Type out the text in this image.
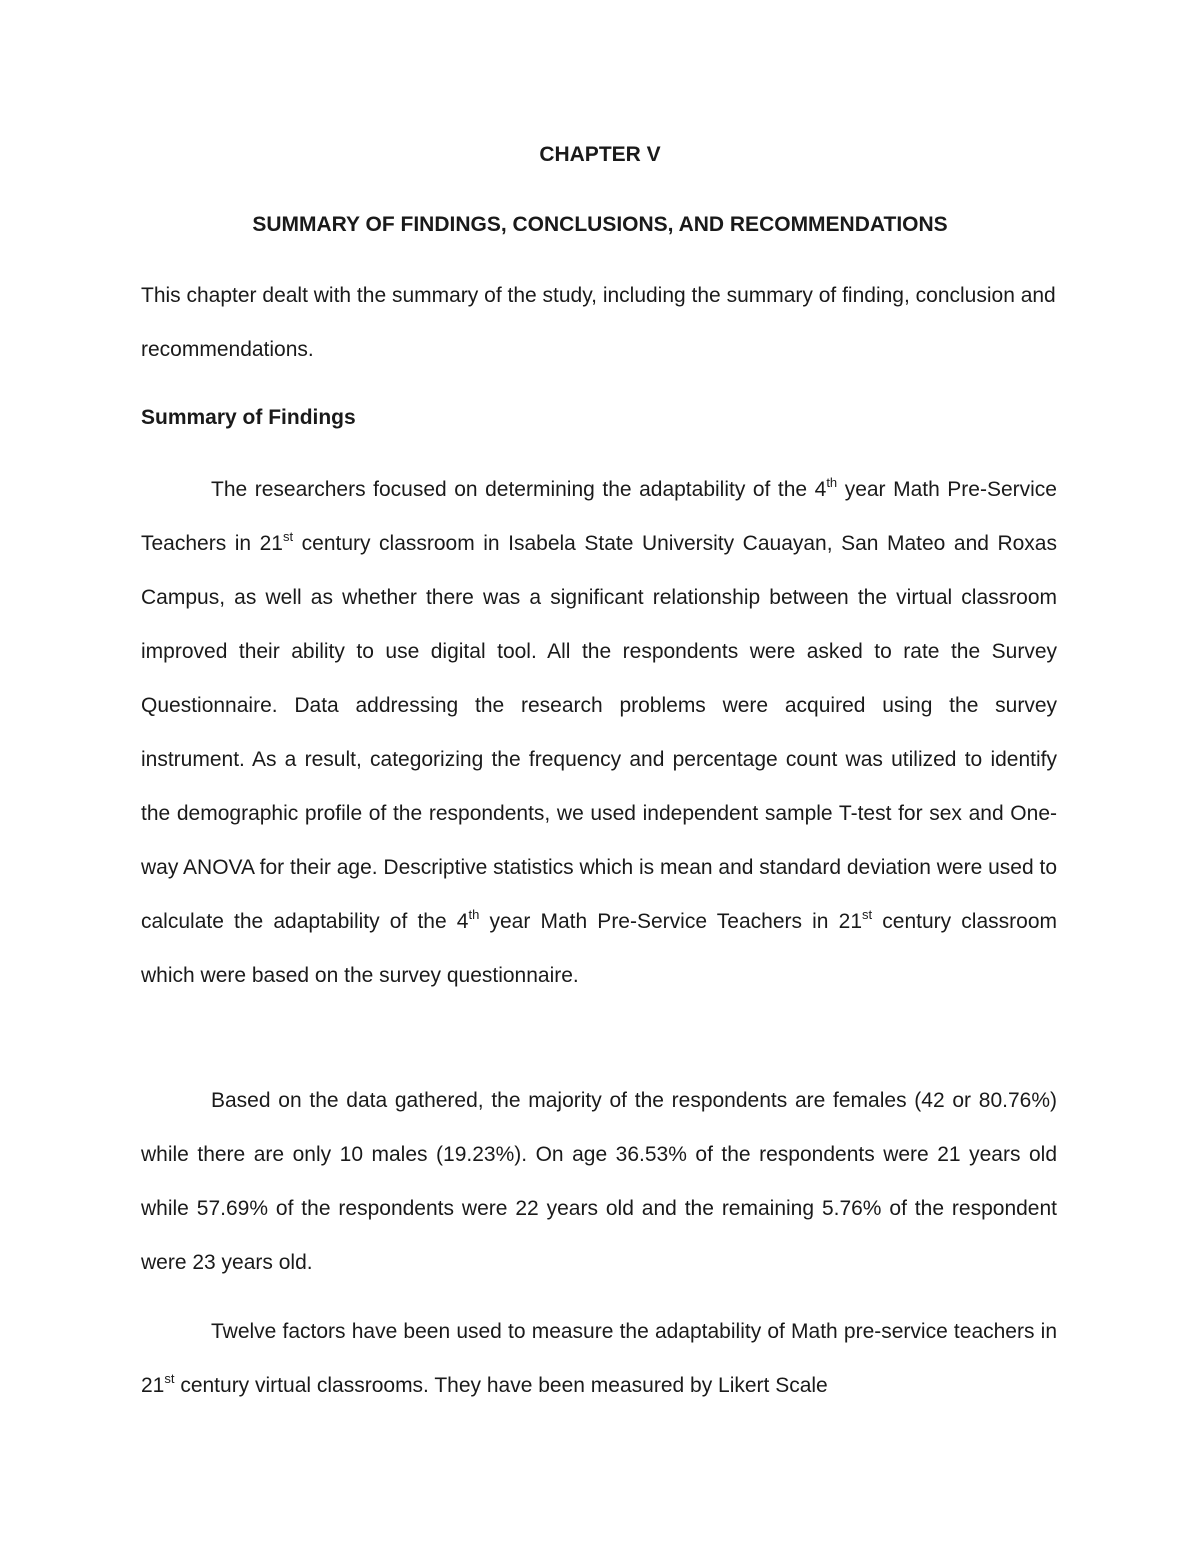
CHAPTER V
SUMMARY OF FINDINGS, CONCLUSIONS, AND RECOMMENDATIONS

This chapter dealt with the summary of the study, including the summary of finding, conclusion and recommendations.

Summary of Findings

The researchers focused on determining the adaptability of the 4th year Math Pre-Service Teachers in 21st century classroom in Isabela State University Cauayan, San Mateo and Roxas Campus, as well as whether there was a significant relationship between the virtual classroom improved their ability to use digital tool. All the respondents were asked to rate the Survey Questionnaire. Data addressing the research problems were acquired using the survey instrument. As a result, categorizing the frequency and percentage count was utilized to identify the demographic profile of the respondents, we used independent sample T-test for sex and One-way ANOVA for their age. Descriptive statistics which is mean and standard deviation were used to calculate the adaptability of the 4th year Math Pre-Service Teachers in 21st century classroom which were based on the survey questionnaire.

Based on the data gathered, the majority of the respondents are females (42 or 80.76%) while there are only 10 males (19.23%). On age 36.53% of the respondents were 21 years old while 57.69% of the respondents were 22 years old and the remaining 5.76% of the respondent were 23 years old.

Twelve factors have been used to measure the adaptability of Math pre-service teachers in 21st century virtual classrooms. They have been measured by Likert Scale
